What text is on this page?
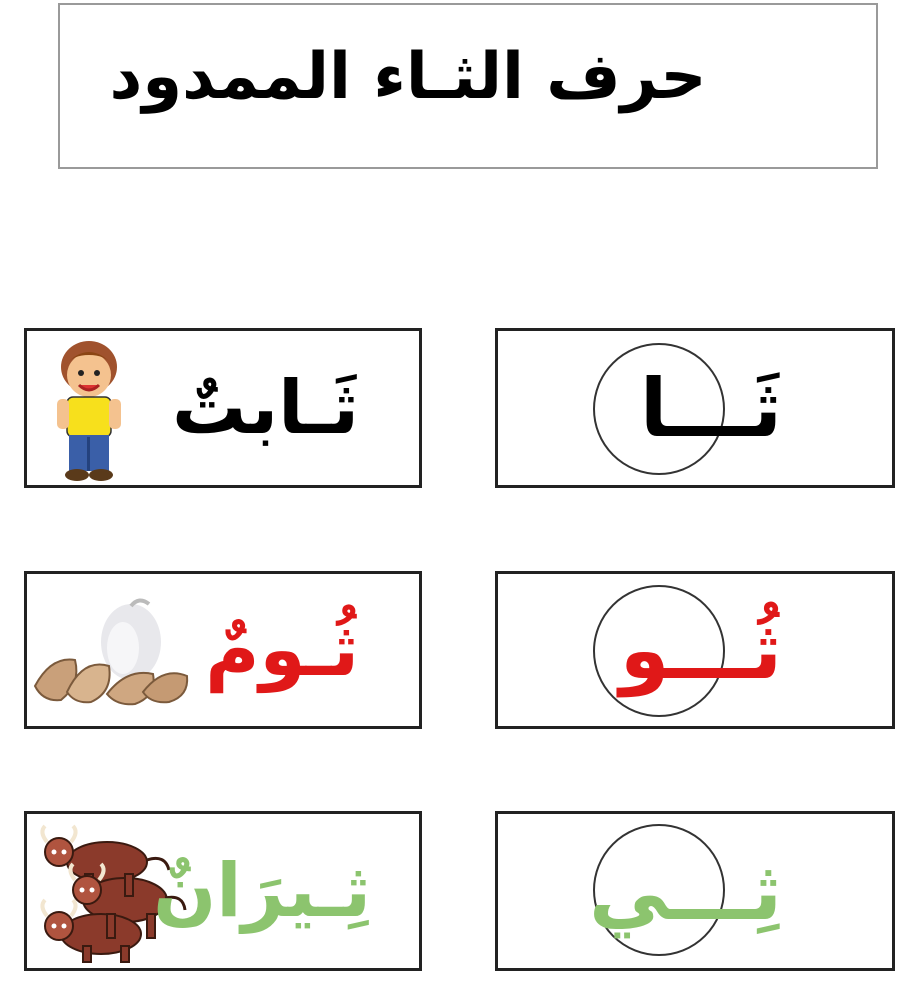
حرف الثـاء الممدود
ثَـابتٌ	ثَـــا
ثُـومٌ	ثُـــو
ثِـيرَانٌ	ثِـــي
